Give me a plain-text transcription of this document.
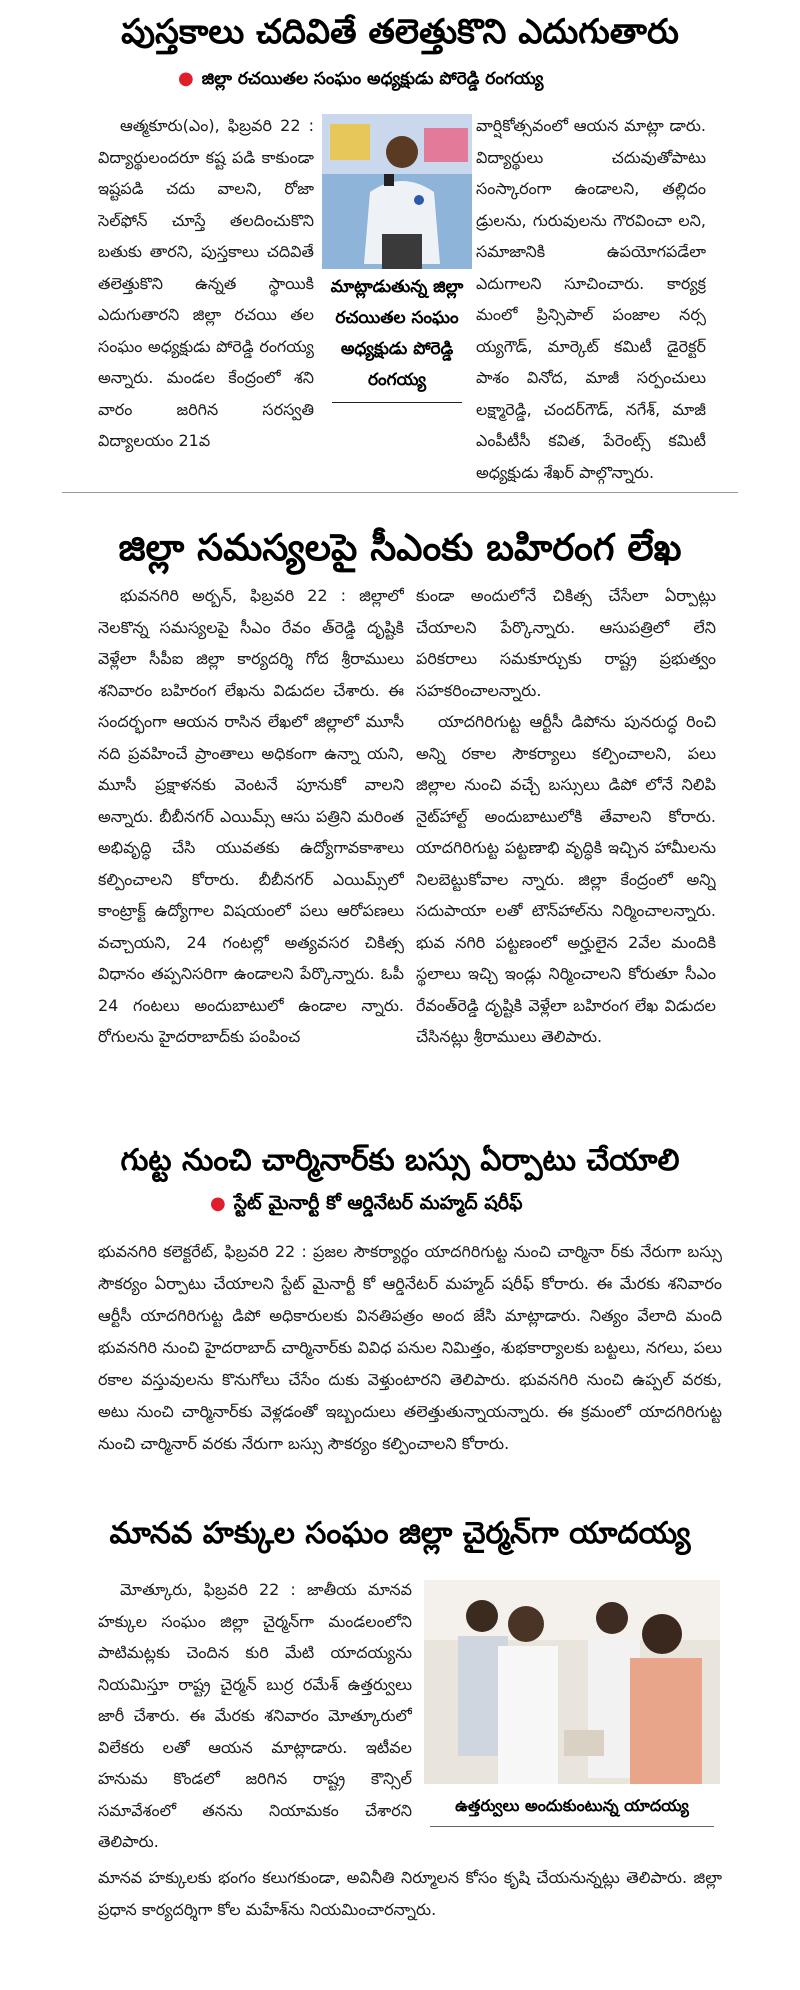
పుస్తకాలు చదివితే తలెత్తుకొని ఎదుగుతారు
● జిల్లా రచయితల సంఘం అధ్యక్షుడు పోరెడ్డి రంగయ్య

ఆత్మకూరు(ఎం), ఫిబ్రవరి 22 : విద్యార్థులందరూ కష్ట పడి కాకుండా ఇష్టపడి చదు వాలని, రోజా సెల్‌ఫోన్ చూస్తే తలదించుకొని బతుకు తారని, పుస్తకాలు చదివితే తలెత్తుకొని ఉన్నత స్థాయికి ఎదుగుతారని జిల్లా రచయి తల సంఘం అధ్యక్షుడు పోరెడ్డి రంగయ్య అన్నారు. మండల కేంద్రంలో శని వారం జరిగిన సరస్వతి విద్యాలయం 21వ

మాట్లాడుతున్న జిల్లా రచయితల సంఘం అధ్యక్షుడు పోరెడ్డి రంగయ్య

వార్షికోత్సవంలో ఆయన మాట్లా డారు. విద్యార్థులు చదువుతోపాటు సంస్కారంగా ఉండాలని, తల్లిదం డ్రులను, గురువులను గౌరవించా లని, సమాజానికి ఉపయోగపడేలా ఎదుగాలని సూచించారు. కార్యక్ర మంలో ప్రిన్సిపాల్ పంజాల నర్స య్యగౌడ్, మార్కెట్ కమిటీ డైరెక్టర్ పాశం వినోద, మాజీ సర్పంచులు లక్ష్మారెడ్డి, చందర్‌గౌడ్, నగేశ్, మాజీ ఎంపీటీసీ కవిత, పేరెంట్స్ కమిటీ అధ్యక్షుడు శేఖర్ పాల్గొన్నారు.

జిల్లా సమస్యలపై సీఎంకు బహిరంగ లేఖ

భువనగిరి అర్బన్, ఫిబ్రవరి 22 : జిల్లాలో నెలకొన్న సమస్యలపై సీఎం రేవం త్‌రెడ్డి దృష్టికి వెళ్లేలా సీపీఐ జిల్లా కార్యదర్శి గోద శ్రీరాములు శనివారం బహిరంగ లేఖను విడుదల చేశారు. ఈ సందర్భంగా ఆయన రాసిన లేఖలో జిల్లాలో మూసీ నది ప్రవహించే ప్రాంతాలు అధికంగా ఉన్నా యని, మూసీ ప్రక్షాళనకు వెంటనే పూనుకో వాలని అన్నారు. బీబీనగర్ ఎయిమ్స్ ఆసు పత్రిని మరింత అభివృద్ధి చేసి యువతకు ఉద్యోగావకాశాలు కల్పించాలని కోరారు. బీబీనగర్ ఎయిమ్స్‌లో కాంట్రాక్ట్ ఉద్యోగాల విషయంలో పలు ఆరోపణలు వచ్చాయని, 24 గంటల్లో అత్యవసర చికిత్స విధానం తప్పనిసరిగా ఉండాలని పేర్కొన్నారు. ఓపీ 24 గంటలు అందుబాటులో ఉండాల న్నారు. రోగులను హైదరాబాద్‌కు పంపించ

కుండా అందులోనే చికిత్స చేసేలా ఏర్పాట్లు చేయాలని పేర్కొన్నారు. ఆసుపత్రిలో లేని పరికరాలు సమకూర్చుకు రాష్ట్ర ప్రభుత్వం సహకరించాలన్నారు.

యాదగిరిగుట్ట ఆర్టీసీ డిపోను పునరుద్ధ రించి అన్ని రకాల సౌకర్యాలు కల్పించాలని, పలు జిల్లాల నుంచి వచ్చే బస్సులు డిపో లోనే నిలిపి నైట్‌హాల్ట్ అందుబాటులోకి తేవాలని కోరారు. యాదగిరిగుట్ట పట్టణాభి వృద్ధికి ఇచ్చిన హామీలను నిలబెట్టుకోవాల న్నారు. జిల్లా కేంద్రంలో అన్ని సదుపాయా లతో టౌన్‌హాల్‌ను నిర్మించాలన్నారు. భువ నగిరి పట్టణంలో అర్హులైన 2వేల మందికి స్థలాలు ఇచ్చి ఇండ్లు నిర్మించాలని కోరుతూ సీఎం రేవంత్‌రెడ్డి దృష్టికి వెళ్లేలా బహిరంగ లేఖ విడుదల చేసినట్లు శ్రీరాములు తెలిపారు.

గుట్ట నుంచి చార్మినార్‌కు బస్సు ఏర్పాటు చేయాలి
● స్టేట్ మైనార్టీ కో ఆర్డినేటర్ మహ్మద్ షరీఫ్

భువనగిరి కలెక్టరేట్, ఫిబ్రవరి 22 : ప్రజల సౌకర్యార్థం యాదగిరిగుట్ట నుంచి చార్మినా ర్‌కు నేరుగా బస్సు సౌకర్యం ఏర్పాటు చేయాలని స్టేట్ మైనార్టీ కో ఆర్డినేటర్ మహ్మద్ షరీఫ్ కోరారు. ఈ మేరకు శనివారం ఆర్టీసీ యాదగిరిగుట్ట డిపో అధికారులకు వినతిపత్రం అంద జేసి మాట్లాడారు. నిత్యం వేలాది మంది భువనగిరి నుంచి హైదరాబాద్ చార్మినార్‌కు వివిధ పనుల నిమిత్తం, శుభకార్యాలకు బట్టలు, నగలు, పలు రకాల వస్తువులను కొనుగోలు చేసేం దుకు వెళ్తుంటారని తెలిపారు. భువనగిరి నుంచి ఉప్పల్ వరకు, అటు నుంచి చార్మినార్‌కు వెళ్లడంతో ఇబ్బందులు తలెత్తుతున్నాయన్నారు. ఈ క్రమంలో యాదగిరిగుట్ట నుంచి చార్మినార్ వరకు నేరుగా బస్సు సౌకర్యం కల్పించాలని కోరారు.

మానవ హక్కుల సంఘం జిల్లా చైర్మన్‌గా యాదయ్య

మోత్కూరు, ఫిబ్రవరి 22 : జాతీయ మానవ హక్కుల సంఘం జిల్లా చైర్మన్‌గా మండలంలోని పాటిమట్లకు చెందిన కురి మేటి యాదయ్యను నియమిస్తూ రాష్ట్ర చైర్మన్ బుర్ర రమేశ్ ఉత్తర్వులు జారీ చేశారు. ఈ మేరకు శనివారం మోత్కూరులో విలేకరు లతో ఆయన మాట్లాడారు. ఇటీవల హనుమ కొండలో జరిగిన రాష్ట్ర కౌన్సిల్ సమావేశంలో తనను నియామకం చేశారని తెలిపారు.

ఉత్తర్వులు అందుకుంటున్న యాదయ్య

మానవ హక్కులకు భంగం కలుగకుండా, అవినీతి నిర్మూలన కోసం కృషి చేయనున్నట్లు తెలిపారు. జిల్లా ప్రధాన కార్యదర్శిగా కోల మహేశ్‌ను నియమించారన్నారు.
